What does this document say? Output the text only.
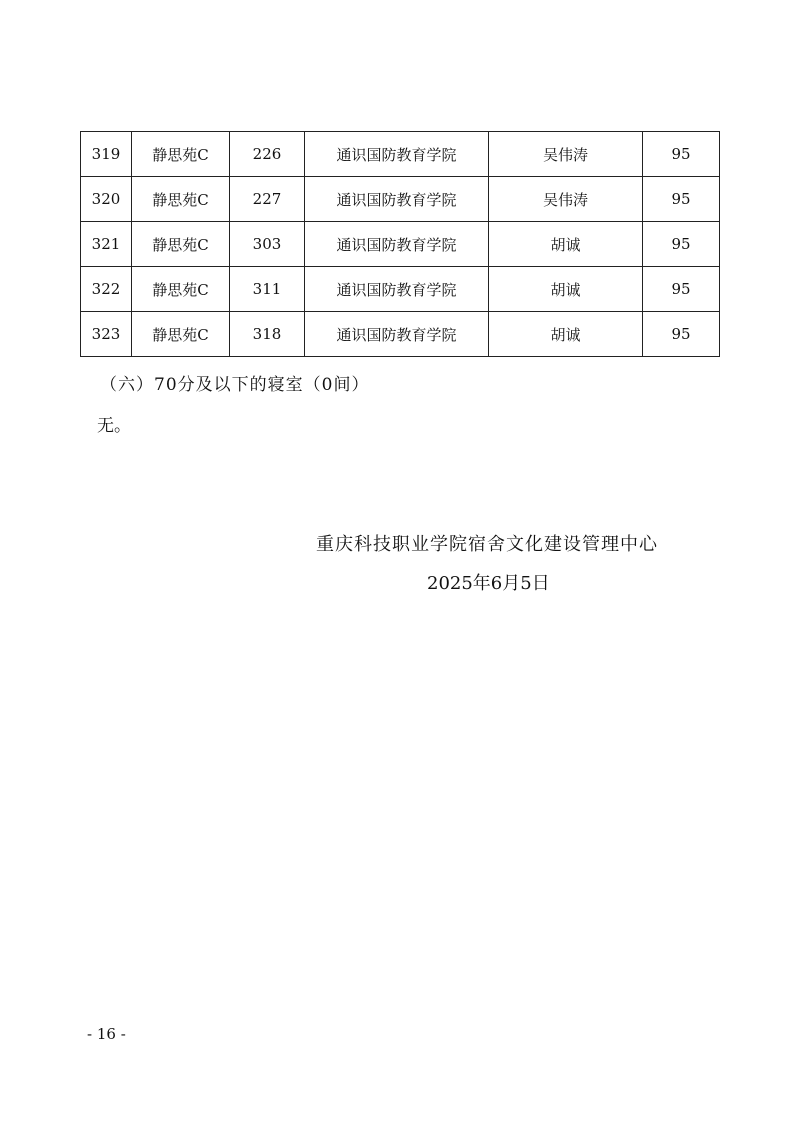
319	静思苑C	226	通识国防教育学院	吴伟涛	95
320	静思苑C	227	通识国防教育学院	吴伟涛	95
321	静思苑C	303	通识国防教育学院	胡诚	95
322	静思苑C	311	通识国防教育学院	胡诚	95
323	静思苑C	318	通识国防教育学院	胡诚	95
（六）70分及以下的寝室（0间）
无。
重庆科技职业学院宿舍文化建设管理中心
2025年6月5日
- 16 -
